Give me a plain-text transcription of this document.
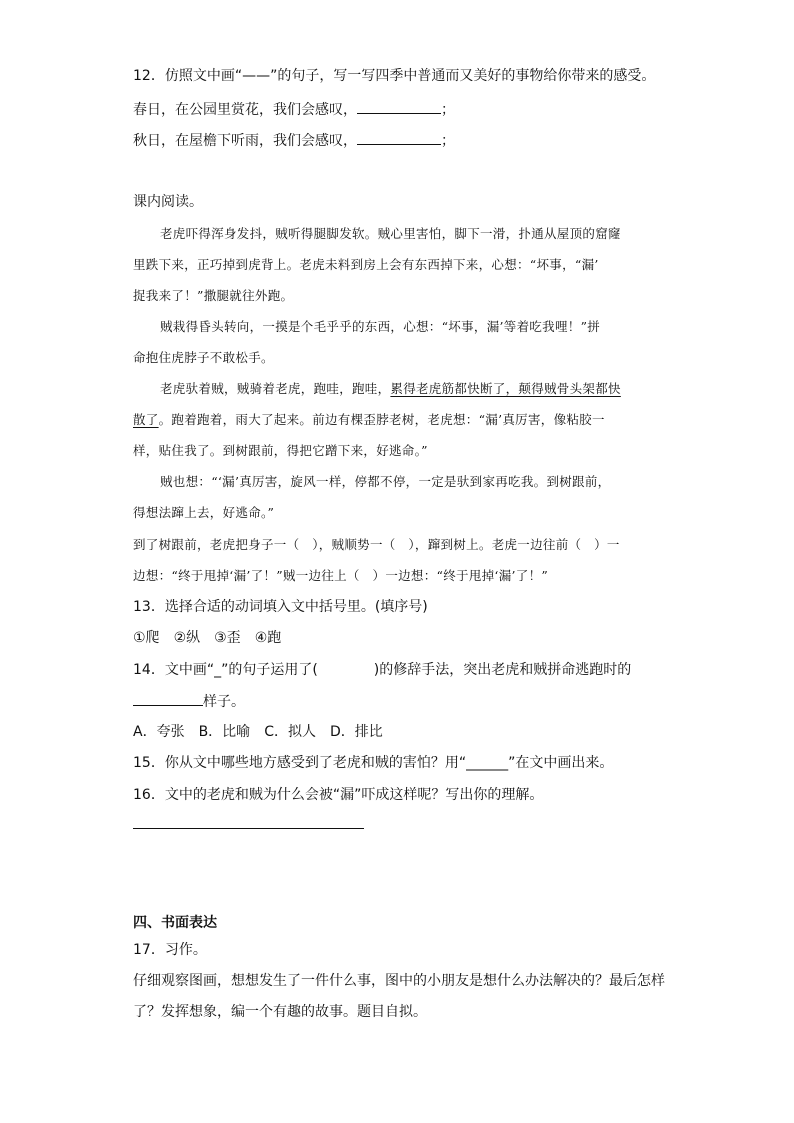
12．仿照文中画“——”的句子，写一写四季中普通而又美好的事物给你带来的感受。
春日，在公园里赏花，我们会感叹，	；
秋日，在屋檐下听雨，我们会感叹，	；
课内阅读。
老虎吓得浑身发抖，贼听得腿脚发软。贼心里害怕，脚下一滑，扑通从屋顶的窟窿
里跌下来，正巧掉到虎背上。老虎未料到房上会有东西掉下来，心想：“坏事，“漏’
捉我来了！”撒腿就往外跑。
贼栽得昏头转向，一摸是个毛乎乎的东西，心想：“坏事，漏’等着吃我哩！”拼
命抱住虎脖子不敢松手。
老虎驮着贼，贼骑着老虎，跑哇，跑哇，累得老虎筋都快断了，颠得贼骨头架都快
散了。跑着跑着，雨大了起来。前边有棵歪脖老树，老虎想：“漏’真厉害，像粘胶一
样，贴住我了。到树跟前，得把它蹭下来，好逃命。”
贼也想：“‘漏’真厉害，旋风一样，停都不停，一定是驮到家再吃我。到树跟前，
得想法蹿上去，好逃命。”
到了树跟前，老虎把身子一（　），贼顺势一（　），蹿到树上。老虎一边往前（　）一
边想：“终于甩掉‘漏’了！”贼一边往上（　）一边想：“终于甩掉‘漏’了！”
13．选择合适的动词填入文中括号里。(填序号)
①爬 ②纵 ③歪 ④跑
14．文中画“_”的句子运用了(　　　　)的修辞手法，突出老虎和贼拼命逃跑时的
样子。
A．夸张 B．比喻 C．拟人 D．排比
15．你从文中哪些地方感受到了老虎和贼的害怕？用“______”在文中画出来。
16．文中的老虎和贼为什么会被“漏”吓成这样呢？写出你的理解。
四、书面表达
17．习作。
仔细观察图画，想想发生了一件什么事，图中的小朋友是想什么办法解决的？最后怎样
了？发挥想象，编一个有趣的故事。题目自拟。
